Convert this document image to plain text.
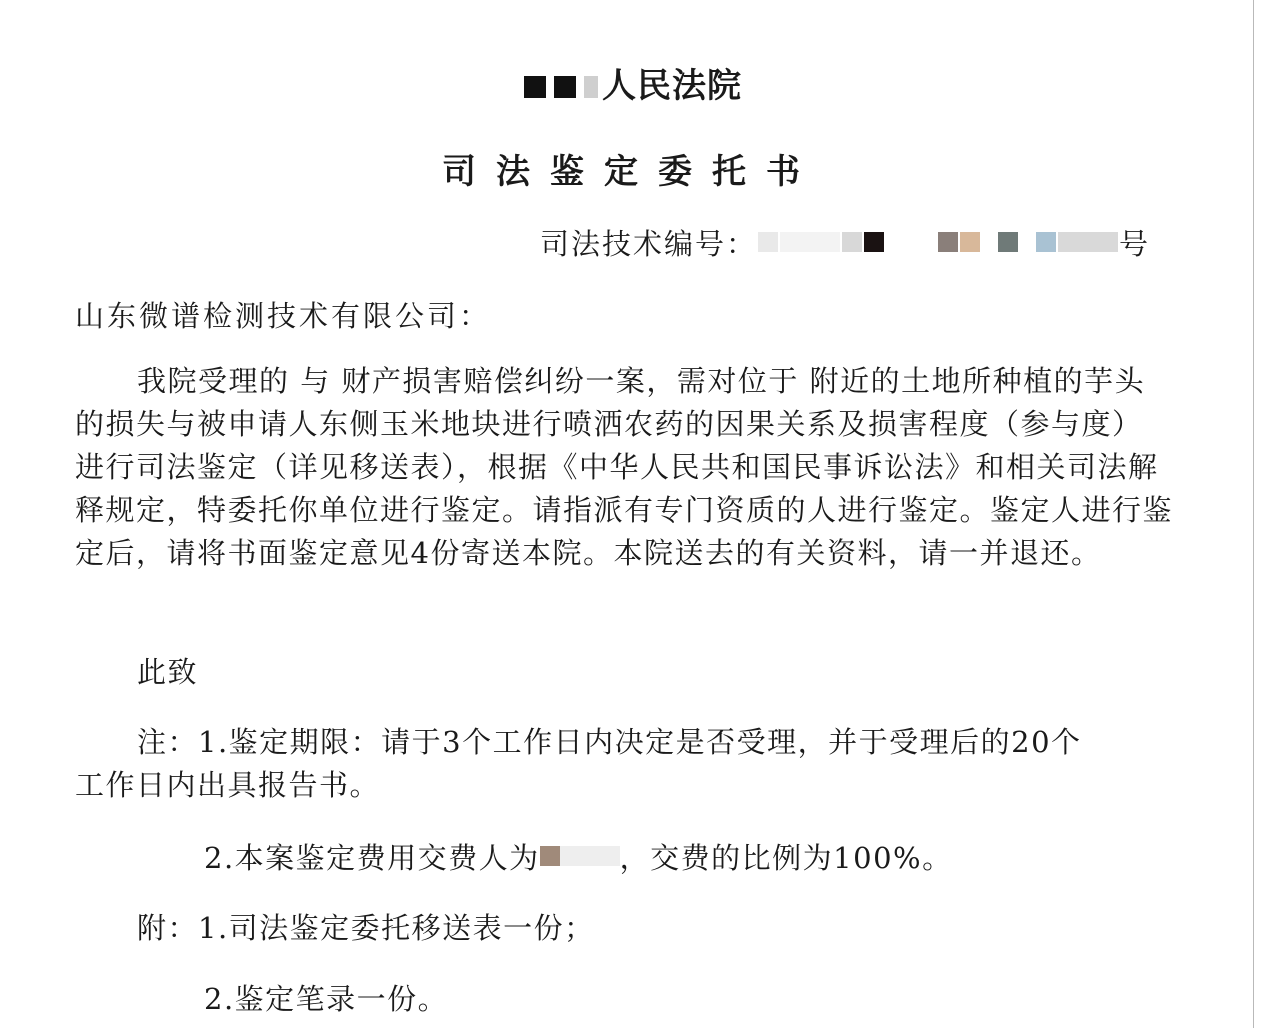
人民法院
司法鉴定委托书
司法技术编号：	号
山东微谱检测技术有限公司：

我院受理的 与 财产损害赔偿纠纷一案，需对位于 附近的土地所种植的芋头的损失与被申请人东侧玉米地块进行喷洒农药的因果关系及损害程度（参与度） 进行司法鉴定（详见移送表），根据《中华人民共和国民事诉讼法》和相关司法解释规定，特委托你单位进行鉴定。请指派有专门资质的人进行鉴定。鉴定人进行鉴定后，请将书面鉴定意见4份寄送本院。本院送去的有关资料，请一并退还。

此致
注：1.鉴定期限：请于3个工作日内决定是否受理，并于受理后的20个
工作日内出具报告书。
2.本案鉴定费用交费人为	，交费的比例为100%。
附：1.司法鉴定委托移送表一份；
2.鉴定笔录一份。
